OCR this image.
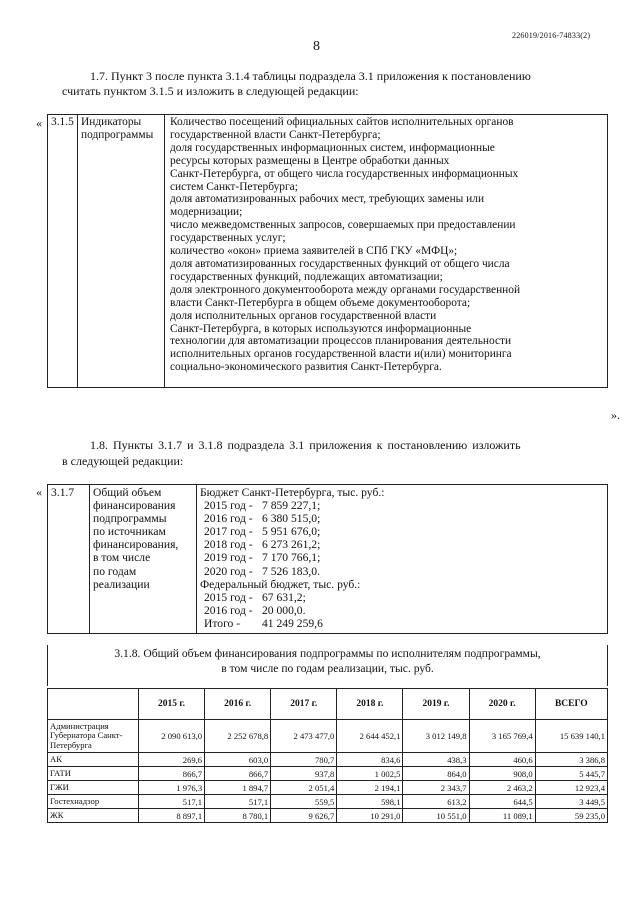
226019/2016-74833(2)
8
1.7. Пункт 3 после пункта 3.1.4 таблицы подраздела 3.1 приложения к постановлению
считать пунктом 3.1.5 и изложить в следующей редакции:
« 3.1.5	Индикаторы
подпрограммы

Количество посещений официальных сайтов исполнительных органов
государственной власти Санкт-Петербурга;
доля государственных информационных систем, информационные
ресурсы которых размещены в Центре обработки данных
Санкт-Петербурга, от общего числа государственных информационных
систем Санкт-Петербурга;
доля автоматизированных рабочих мест, требующих замены или
модернизации;
число межведомственных запросов, совершаемых при предоставлении
государственных услуг;
количество «окон» приема заявителей в СПб ГКУ «МФЦ»;
доля автоматизированных государственных функций от общего числа
государственных функций, подлежащих автоматизации;
доля электронного документооборота между органами государственной
власти Санкт-Петербурга в общем объеме документооборота;
доля исполнительных органов государственной власти
Санкт-Петербурга, в которых используются информационные
технологии для автоматизации процессов планирования деятельности
исполнительных органов государственной власти и(или) мониторинга
социально-экономического развития Санкт-Петербурга.
».
1.8. Пункты 3.1.7 и 3.1.8 подраздела 3.1 приложения к постановлению изложить
в следующей редакции:
« 3.1.7	Общий объем
финансирования
подпрограммы
по источникам
финансирования,
в том числе
по годам
реализации

Бюджет Санкт-Петербурга, тыс. руб.:
2015 год - 7 859 227,1;
2016 год - 6 380 515,0;
2017 год - 5 951 676,0;
2018 год - 6 273 261,2;
2019 год - 7 170 766,1;
2020 год - 7 526 183,0.
Федеральный бюджет, тыс. руб.:
2015 год - 67 631,2;
2016 год - 20 000,0.
Итого -	41 249 259,6
3.1.8. Общий объем финансирования подпрограммы по исполнителям подпрограммы,
в том числе по годам реализации, тыс. руб.
	2015 г.	2016 г.	2017 г.	2018 г.	2019 г.	2020 г.	ВСЕГО
Администрация Губернатора Санкт-Петербурга	2 090 613,0	2 252 678,8	2 473 477,0	2 644 452,1	3 012 149,8	3 165 769,4	15 639 140,1
АК	269,6	603,0	780,7	834,6	438,3	460,6	3 386,8
ГАТИ	866,7	866,7	937,8	1 002,5	864,0	908,0	5 445,7
ГЖИ	1 976,3	1 894,7	2 051,4	2 194,1	2 343,7	2 463,2	12 923,4
Гостехнадзор	517,1	517,1	559,5	598,1	613,2	644,5	3 449,5
ЖК	8 897,1	8 780,1	9 626,7	10 291,0	10 551,0	11 089,1	59 235,0
